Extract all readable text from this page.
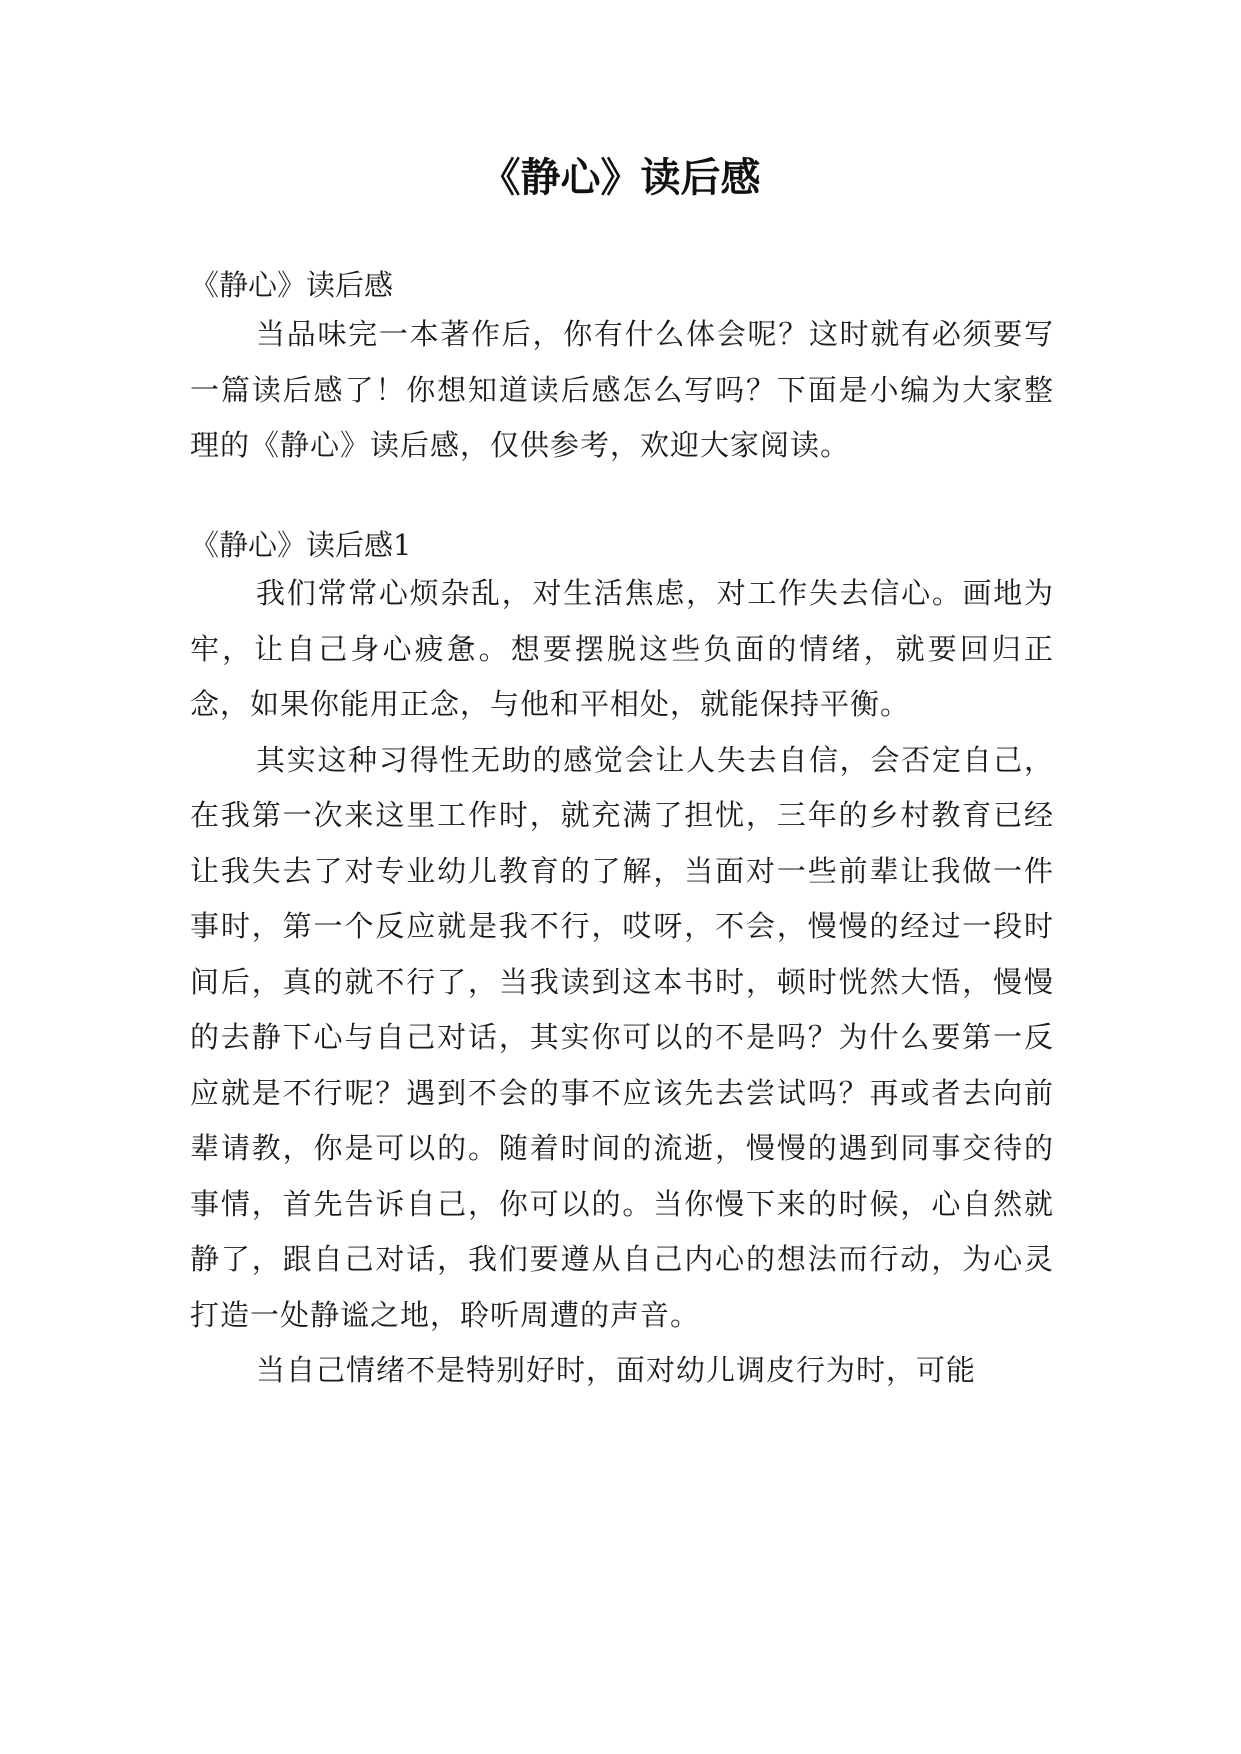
《静心》读后感

《静心》读后感

当品味完一本著作后，你有什么体会呢？这时就有必须要写一篇读后感了！你想知道读后感怎么写吗？下面是小编为大家整理的《静心》读后感，仅供参考，欢迎大家阅读。

《静心》读后感1

我们常常心烦杂乱，对生活焦虑，对工作失去信心。画地为牢，让自己身心疲惫。想要摆脱这些负面的情绪，就要回归正念，如果你能用正念，与他和平相处，就能保持平衡。

其实这种习得性无助的感觉会让人失去自信，会否定自己，在我第一次来这里工作时，就充满了担忧，三年的乡村教育已经让我失去了对专业幼儿教育的了解，当面对一些前辈让我做一件事时，第一个反应就是我不行，哎呀，不会，慢慢的经过一段时间后，真的就不行了，当我读到这本书时，顿时恍然大悟，慢慢的去静下心与自己对话，其实你可以的不是吗？为什么要第一反应就是不行呢？遇到不会的事不应该先去尝试吗？再或者去向前辈请教，你是可以的。随着时间的流逝，慢慢的遇到同事交待的事情，首先告诉自己，你可以的。当你慢下来的时候，心自然就静了，跟自己对话，我们要遵从自己内心的想法而行动，为心灵打造一处静谧之地，聆听周遭的声音。

当自己情绪不是特别好时，面对幼儿调皮行为时，可能
